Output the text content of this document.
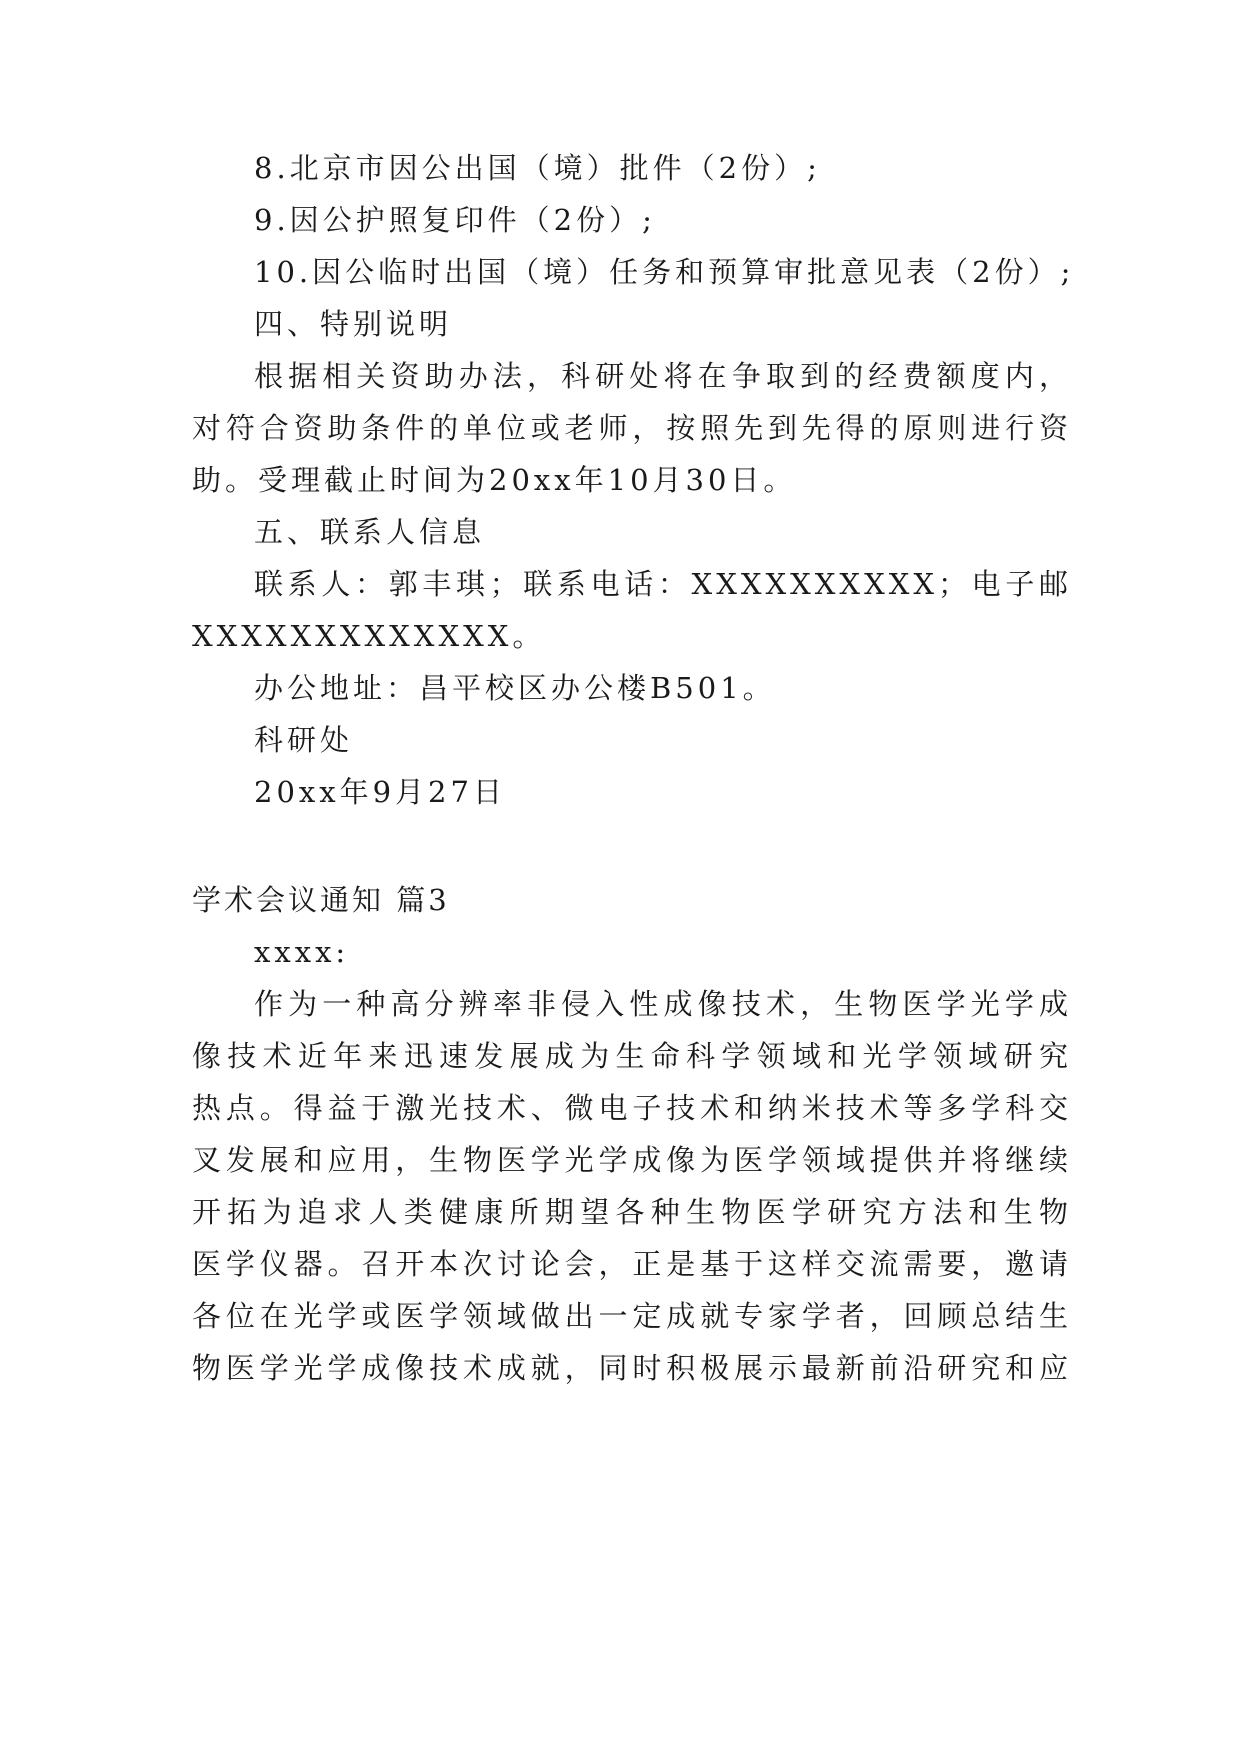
8.北京市因公出国（境）批件（2份）;
9.因公护照复印件（2份）;
10.因公临时出国（境）任务和预算审批意见表（2份）;
四、特别说明
根据相关资助办法，科研处将在争取到的经费额度内，
对符合资助条件的单位或老师，按照先到先得的原则进行资
助。受理截止时间为20xx年10月30日。
五、联系人信息
联系人：郭丰琪；联系电话：XXXXXXXXXX；电子邮
XXXXXXXXXXXXX。
办公地址：昌平校区办公楼B501。
科研处
20xx年9月27日
学术会议通知 篇3
xxxx:
作为一种高分辨率非侵入性成像技术，生物医学光学成
像技术近年来迅速发展成为生命科学领域和光学领域研究
热点。得益于激光技术、微电子技术和纳米技术等多学科交
叉发展和应用，生物医学光学成像为医学领域提供并将继续
开拓为追求人类健康所期望各种生物医学研究方法和生物
医学仪器。召开本次讨论会，正是基于这样交流需要，邀请
各位在光学或医学领域做出一定成就专家学者，回顾总结生
物医学光学成像技术成就，同时积极展示最新前沿研究和应
